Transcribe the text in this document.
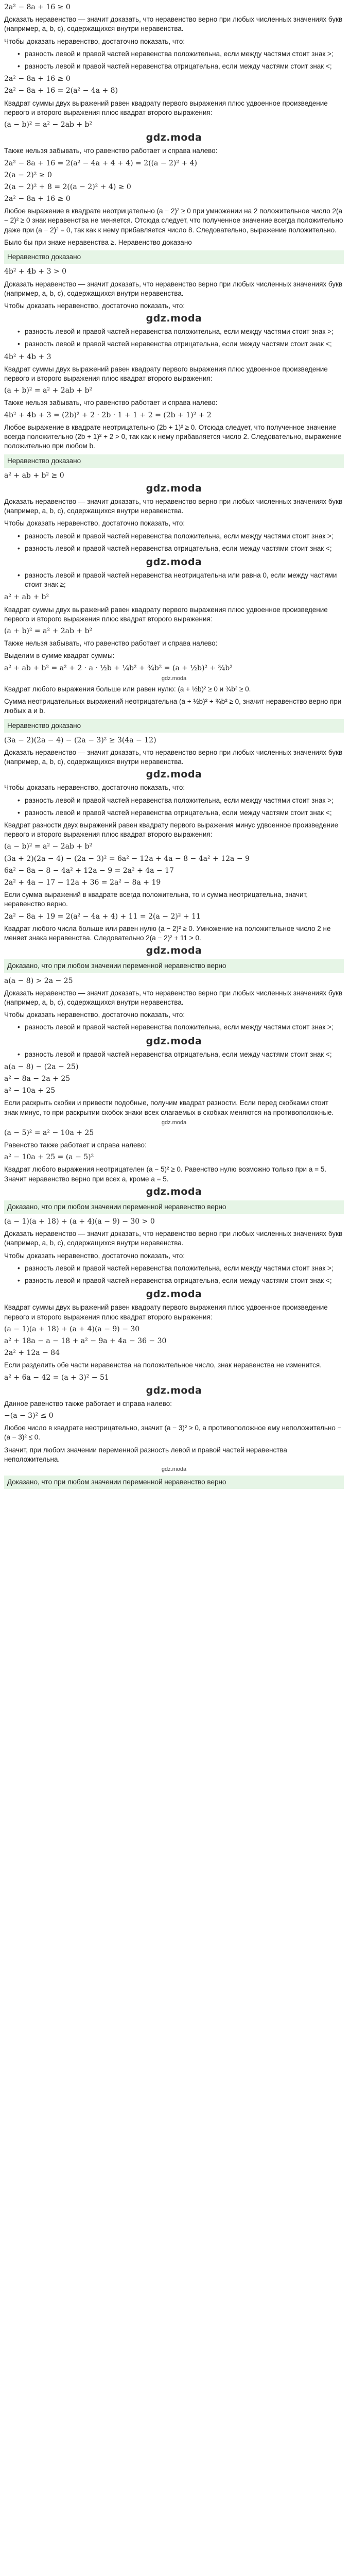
2a² − 8a + 16 ≥ 0
Доказать неравенство — значит доказать, что неравенство верно при любых численных значениях букв (например, a, b, c), содержащихся внутри неравенства.
Чтобы доказать неравенство, достаточно показать, что:
• разность левой и правой частей неравенства положительна, если между частями стоит знак >;
• разность левой и правой частей неравенства отрицательна, если между частями стоит знак <;
2a² − 8a + 16 ≥ 0
2a² − 8a + 16 = 2(a² − 4a + 8)
Квадрат суммы двух выражений равен квадрату первого выражения плюс удвоенное произведение первого и второго выражения плюс квадрат второго выражения:
(a − b)² = a² − 2ab + b²
gdz.moda
Также нельзя забывать, что равенство работает и справа налево:
2a² − 8a + 16 = 2(a² − 4a + 4 + 4) = 2((a − 2)² + 4)
2(a − 2)² ≥ 0
2(a − 2)² + 8 = 2((a − 2)² + 4) ≥ 0
2a² − 8a + 16 ≥ 0
Любое выражение в квадрате неотрицательно (a − 2)² ≥ 0 при умножении на 2 положительное число 2(a − 2)² ≥ 0 знак неравенства не меняется. Отсюда следует, что полученное значение всегда положительно даже при (a − 2)² = 0, так как к нему прибавляется число 8. Следовательно, выражение положительно.
Было бы при знаке неравенства ≥. Неравенство доказано
Неравенство доказано
4b² + 4b + 3 > 0
Доказать неравенство — значит доказать, что неравенство верно при любых численных значениях букв (например, a, b, c), содержащихся внутри неравенства.
Чтобы доказать неравенство, достаточно показать, что:
gdz.moda
• разность левой и правой частей неравенства положительна, если между частями стоит знак >;
• разность левой и правой частей неравенства отрицательна, если между частями стоит знак <;
4b² + 4b + 3
Квадрат суммы двух выражений равен квадрату первого выражения плюс удвоенное произведение первого и второго выражения плюс квадрат второго выражения:
(a + b)² = a² + 2ab + b²
Также нельзя забывать, что равенство работает и справа налево:
4b² + 4b + 3 = (2b)² + 2 · 2b · 1 + 1 + 2 = (2b + 1)² + 2
Любое выражение в квадрате неотрицательно (2b + 1)² ≥ 0. Отсюда следует, что полученное значение всегда положительно (2b + 1)² + 2 > 0, так как к нему прибавляется число 2. Следовательно, выражение положительно при любом b.
Неравенство доказано
a² + ab + b² ≥ 0
gdz.moda
Доказать неравенство — значит доказать, что неравенство верно при любых численных значениях букв (например, a, b, c), содержащихся внутри неравенства.
Чтобы доказать неравенство, достаточно показать, что:
• разность левой и правой частей неравенства положительна, если между частями стоит знак >;
• разность левой и правой частей неравенства отрицательна, если между частями стоит знак <;
gdz.moda
• разность левой и правой частей неравенства неотрицательна или равна 0, если между частями стоит знак ≥;
a² + ab + b²
Квадрат суммы двух выражений равен квадрату первого выражения плюс удвоенное произведение первого и второго выражения плюс квадрат второго выражения:
(a + b)² = a² + 2ab + b²
Также нельзя забывать, что равенство работает и справа налево:
Выделим в сумме квадрат суммы:
a² + ab + b² = a² + 2 · a · ½b + ¼b² + ¾b² = (a + ½b)² + ¾b²
gdz.moda
Квадрат любого выражения больше или равен нулю: (a + ½b)² ≥ 0 и ¾b² ≥ 0.
Сумма неотрицательных выражений неотрицательна (a + ½b)² + ¾b² ≥ 0, значит неравенство верно при любых a и b.
Неравенство доказано
(3a − 2)(2a − 4) − (2a − 3)² ≥ 3(4a − 12)
Доказать неравенство — значит доказать, что неравенство верно при любых численных значениях букв (например, a, b, c), содержащихся внутри неравенства.
gdz.moda
Чтобы доказать неравенство, достаточно показать, что:
• разность левой и правой частей неравенства положительна, если между частями стоит знак >;
• разность левой и правой частей неравенства отрицательна, если между частями стоит знак <;
Квадрат разности двух выражений равен квадрату первого выражения минус удвоенное произведение первого и второго выражения плюс квадрат второго выражения:
(a − b)² = a² − 2ab + b²
(3a + 2)(2a − 4) − (2a − 3)² = 6a² − 12a + 4a − 8 − 4a² + 12a − 9
6a² − 8a − 8 − 4a² + 12a − 9 = 2a² + 4a − 17
2a² + 4a − 17 − 12a + 36 = 2a² − 8a + 19
Если сумма выражений в квадрате всегда положительна, то и сумма неотрицательна, значит, неравенство верно.
2a² − 8a + 19 = 2(a² − 4a + 4) + 11 = 2(a − 2)² + 11
Квадрат любого числа больше или равен нулю (a − 2)² ≥ 0. Умножение на положительное число 2 не меняет знака неравенства. Следовательно 2(a − 2)² + 11 > 0.
gdz.moda
Доказано, что при любом значении переменной неравенство верно
a(a − 8) > 2a − 25
Доказать неравенство — значит доказать, что неравенство верно при любых численных значениях букв (например, a, b, c), содержащихся внутри неравенства.
Чтобы доказать неравенство, достаточно показать, что:
• разность левой и правой частей неравенства положительна, если между частями стоит знак >;
gdz.moda
• разность левой и правой частей неравенства отрицательна, если между частями стоит знак <;
a(a − 8) − (2a − 25)
a² − 8a − 2a + 25
a² − 10a + 25
Если раскрыть скобки и привести подобные, получим квадрат разности. Если перед скобками стоит знак минус, то при раскрытии скобок знаки всех слагаемых в скобках меняются на противоположные.
gdz.moda
(a − 5)² = a² − 10a + 25
Равенство также работает и справа налево:
a² − 10a + 25 = (a − 5)²
Квадрат любого выражения неотрицателен (a − 5)² ≥ 0. Равенство нулю возможно только при a = 5. Значит неравенство верно при всех a, кроме a = 5.
gdz.moda
Доказано, что при любом значении переменной неравенство верно
(a − 1)(a + 18) + (a + 4)(a − 9) − 30 > 0
Доказать неравенство — значит доказать, что неравенство верно при любых численных значениях букв (например, a, b, c), содержащихся внутри неравенства.
Чтобы доказать неравенство, достаточно показать, что:
• разность левой и правой частей неравенства положительна, если между частями стоит знак >;
• разность левой и правой частей неравенства отрицательна, если между частями стоит знак <;
gdz.moda
Квадрат суммы двух выражений равен квадрату первого выражения плюс удвоенное произведение первого и второго выражения плюс квадрат второго выражения:
(a − 1)(a + 18) + (a + 4)(a − 9) − 30
a² + 18a − a − 18 + a² − 9a + 4a − 36 − 30
2a² + 12a − 84
Если разделить обе части неравенства на положительное число, знак неравенства не изменится.
a² + 6a − 42 = (a + 3)² − 51
gdz.moda
Данное равенство также работает и справа налево:
−(a − 3)² ≤ 0
Любое число в квадрате неотрицательно, значит (a − 3)² ≥ 0, а противоположное ему неположительно −(a − 3)² ≤ 0.
Значит, при любом значении переменной разность левой и правой частей неравенства неположительна.
gdz.moda
Доказано, что при любом значении переменной неравенство верно
